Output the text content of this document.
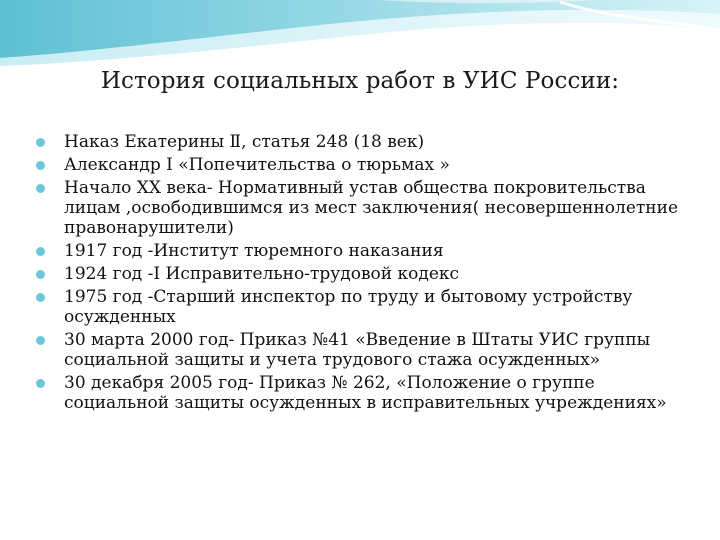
История социальных работ в УИС России:
Наказ Екатерины Ⅱ, статья 248 (18 век)
Александр Ⅰ «Попечительства о тюрьмах »
Начало XX века- Нормативный устав общества покровительства лицам ,освободившимся из мест заключения( несовершеннолетние правонарушители)
1917 год -Институт тюремного наказания
1924 год -Ⅰ Исправительно-трудовой кодекс
1975 год -Старший инспектор по труду и бытовому устройству осужденных
30 марта 2000 год- Приказ №41 «Введение в Штаты УИС группы социальной защиты и учета трудового стажа осужденных»
30 декабря 2005 год- Приказ № 262, «Положение о группе социальной защиты осужденных в исправительных учреждениях»
